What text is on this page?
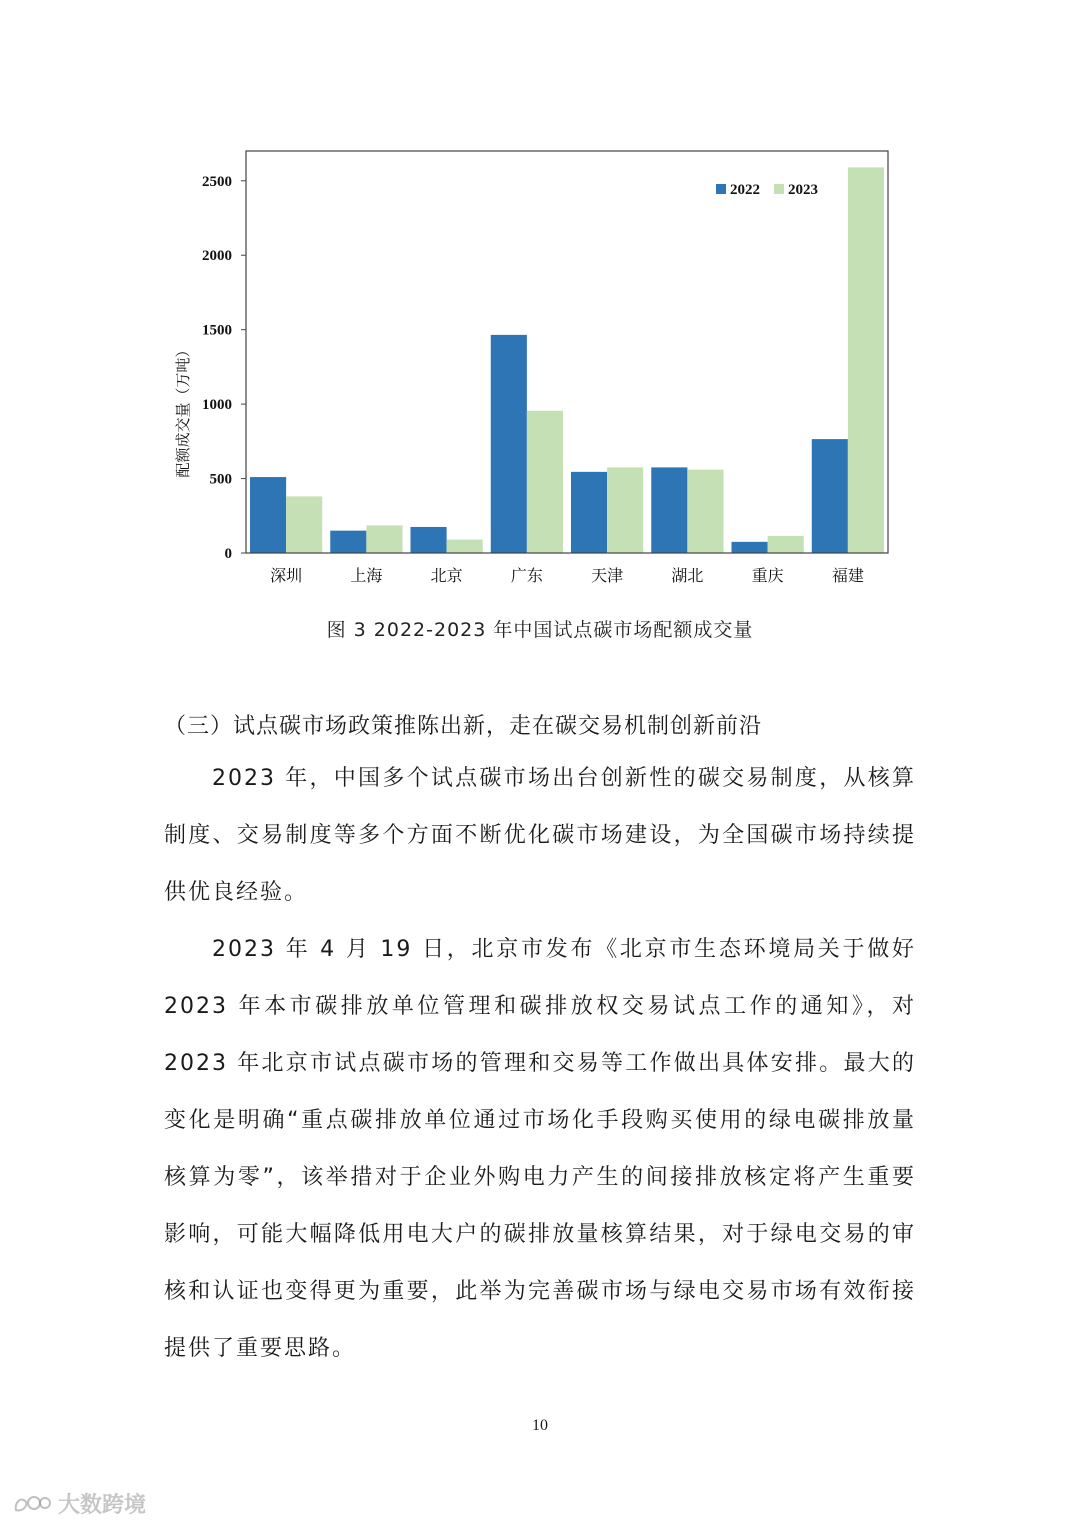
0
500
1000
1500
2000
2500
深圳	上海	北京	广东	天津	湖北	重庆	福建
配额成交量（万吨）
2022 2023
图 3 2022-2023 年中国试点碳市场配额成交量

（三）试点碳市场政策推陈出新，走在碳交易机制创新前沿

2023 年，中国多个试点碳市场出台创新性的碳交易制度，从核算制度、交易制度等多个方面不断优化碳市场建设，为全国碳市场持续提供优良经验。

2023 年 4 月 19 日，北京市发布《北京市生态环境局关于做好 2023 年本市碳排放单位管理和碳排放权交易试点工作的通知》，对 2023 年北京市试点碳市场的管理和交易等工作做出具体安排。最大的变化是明确“重点碳排放单位通过市场化手段购买使用的绿电碳排放量核算为零”，该举措对于企业外购电力产生的间接排放核定将产生重要影响，可能大幅降低用电大户的碳排放量核算结果，对于绿电交易的审核和认证也变得更为重要，此举为完善碳市场与绿电交易市场有效衔接提供了重要思路。

10
大数跨境
